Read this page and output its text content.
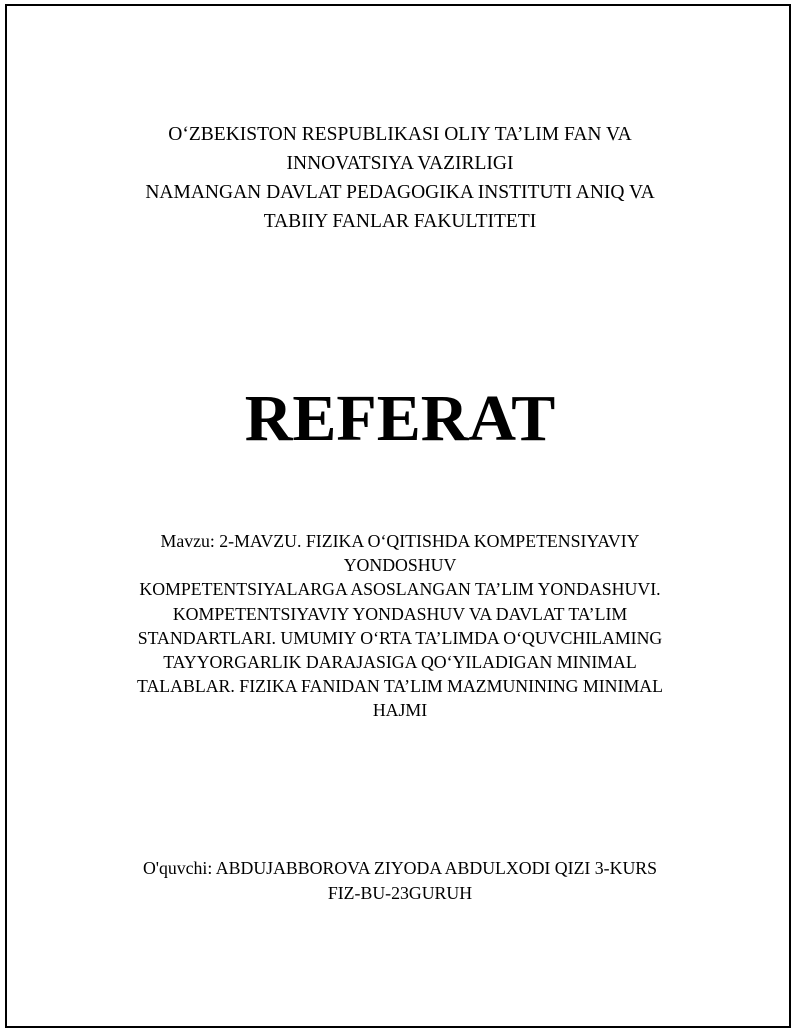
O‘ZBEKISTON RESPUBLIKASI OLIY TA’LIM FAN VA
INNOVATSIYA VAZIRLIGI
NAMANGAN DAVLAT PEDAGOGIKA INSTITUTI ANIQ VA
TABIIY FANLAR FAKULTITETI
REFERAT
Mavzu: 2-MAVZU. FIZIKA O‘QITISHDA KOMPETENSIYAVIY
YONDOSHUV
KOMPETENTSIYALARGA ASOSLANGAN TA’LIM YONDASHUVI.
KOMPETENTSIYAVIY YONDASHUV VA DAVLAT TA’LIM
STANDARTLARI. UMUMIY O‘RTA TA’LIMDA O‘QUVCHILAMING
TAYYORGARLIK DARAJASIGA QO‘YILADIGAN MINIMAL
TALABLAR. FIZIKA FANIDAN TA’LIM MAZMUNINING MINIMAL
HAJMI
O'quvchi: ABDUJABBOROVA ZIYODA ABDULXODI QIZI 3-KURS
FIZ-BU-23GURUH
